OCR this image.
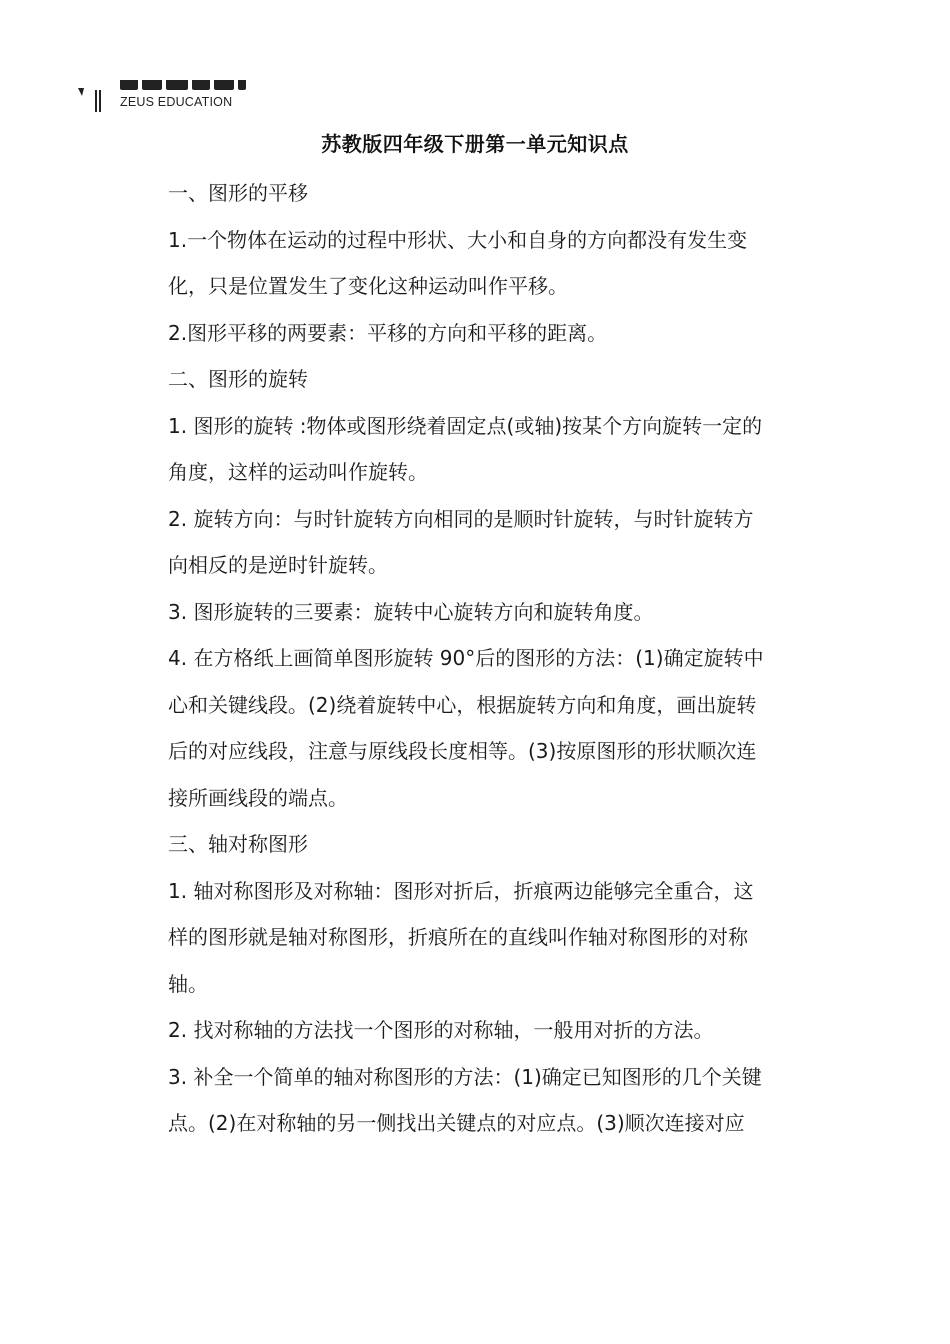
ZEUS EDUCATION
苏教版四年级下册第一单元知识点
一、图形的平移
1.一个物体在运动的过程中形状、大小和自身的方向都没有发生变
化，只是位置发生了变化这种运动叫作平移。
2.图形平移的两要素：平移的方向和平移的距离。
二、图形的旋转
1. 图形的旋转 :物体或图形绕着固定点(或轴)按某个方向旋转一定的
角度，这样的运动叫作旋转。
2. 旋转方向：与时针旋转方向相同的是顺时针旋转，与时针旋转方
向相反的是逆时针旋转。
3. 图形旋转的三要素：旋转中心旋转方向和旋转角度。
4. 在方格纸上画简单图形旋转 90°后的图形的方法：(1)确定旋转中
心和关键线段。(2)绕着旋转中心，根据旋转方向和角度，画出旋转
后的对应线段，注意与原线段长度相等。(3)按原图形的形状顺次连
接所画线段的端点。
三、轴对称图形
1. 轴对称图形及对称轴：图形对折后，折痕两边能够完全重合，这
样的图形就是轴对称图形，折痕所在的直线叫作轴对称图形的对称
轴。
2. 找对称轴的方法找一个图形的对称轴，一般用对折的方法。
3. 补全一个简单的轴对称图形的方法：(1)确定已知图形的几个关键
点。(2)在对称轴的另一侧找出关键点的对应点。(3)顺次连接对应
